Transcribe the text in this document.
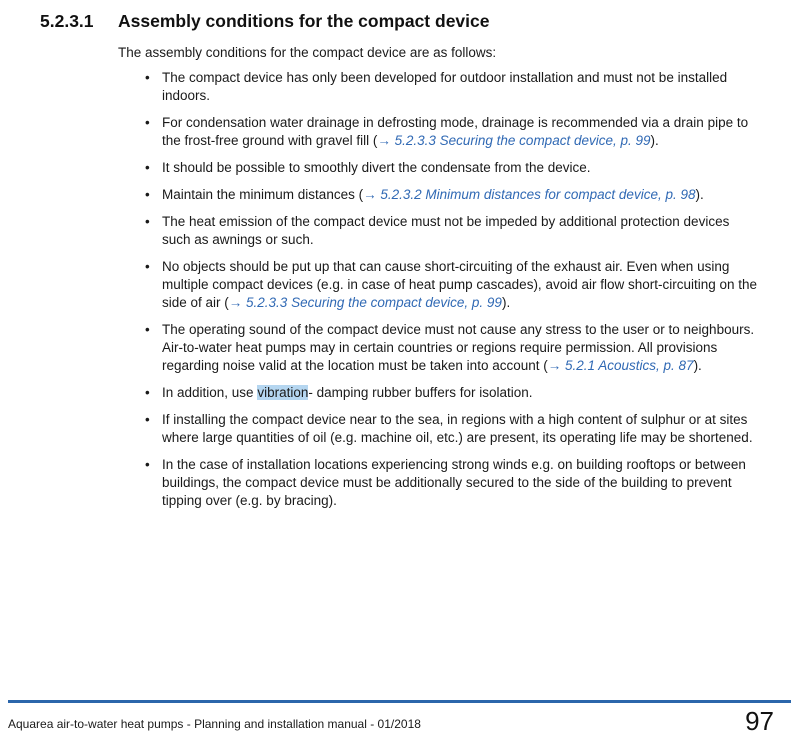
5.2.3.1	Assembly conditions for the compact device
The assembly conditions for the compact device are as follows:
• The compact device has only been developed for outdoor installation and must not be installed indoors.
• For condensation water drainage in defrosting mode, drainage is recommended via a drain pipe to the frost-free ground with gravel fill (→ 5.2.3.3 Securing the compact device, p. 99).
• It should be possible to smoothly divert the condensate from the device.
• Maintain the minimum distances (→ 5.2.3.2 Minimum distances for compact device, p. 98).
• The heat emission of the compact device must not be impeded by additional protection devices such as awnings or such.
• No objects should be put up that can cause short-circuiting of the exhaust air. Even when using multiple compact devices (e.g. in case of heat pump cascades), avoid air flow short-circuiting on the side of air (→ 5.2.3.3 Securing the compact device, p. 99).
• The operating sound of the compact device must not cause any stress to the user or to neighbours. Air-to-water heat pumps may in certain countries or regions require permission. All provisions regarding noise valid at the location must be taken into account (→ 5.2.1 Acoustics, p. 87).
• In addition, use vibration- damping rubber buffers for isolation.
• If installing the compact device near to the sea, in regions with a high content of sulphur or at sites where large quantities of oil (e.g. machine oil, etc.) are present, its operating life may be shortened.
• In the case of installation locations experiencing strong winds e.g. on building rooftops or between buildings, the compact device must be additionally secured to the side of the building to prevent tipping over (e.g. by bracing).
Aquarea air-to-water heat pumps - Planning and installation manual - 01/2018	97
